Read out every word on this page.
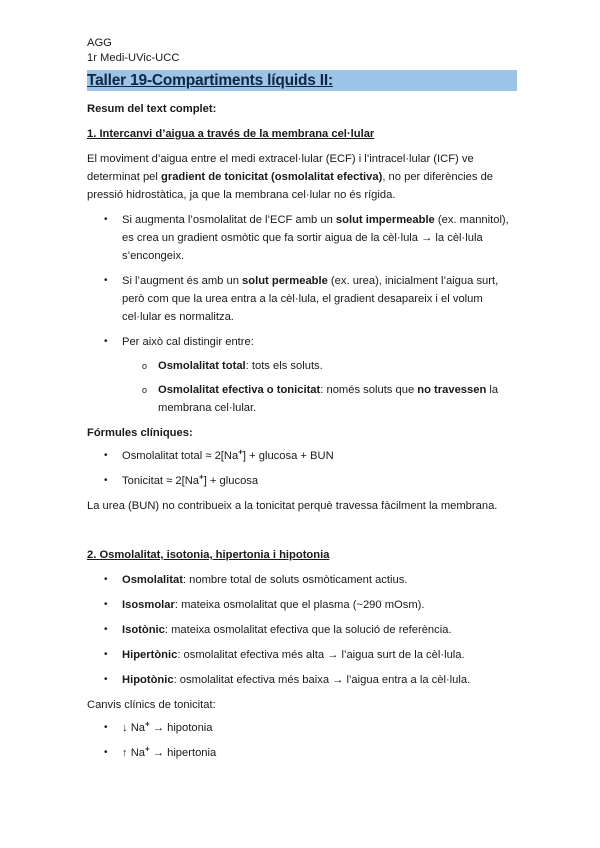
AGG
1r Medi-UVic-UCC
Taller 19-Compartiments líquids II:

Resum del text complet:

1. Intercanvi d’aigua a través de la membrana cel·lular

El moviment d’aigua entre el medi extracel·lular (ECF) i l’intracel·lular (ICF) ve determinat pel gradient de tonicitat (osmolalitat efectiva), no per diferències de pressió hidrostàtica, ja que la membrana cel·lular no és rígida.

• Si augmenta l’osmolalitat de l’ECF amb un solut impermeable (ex. mannitol), es crea un gradient osmòtic que fa sortir aigua de la cèl·lula → la cèl·lula s’encongeix.
• Si l’augment és amb un solut permeable (ex. urea), inicialment l’aigua surt, però com que la urea entra a la cèl·lula, el gradient desapareix i el volum cel·lular es normalitza.
• Per això cal distingir entre:
o Osmolalitat total: tots els soluts.
o Osmolalitat efectiva o tonicitat: només soluts que no travessen la membrana cel·lular.

Fórmules clíniques:

• Osmolalitat total ≈ 2[Na+] + glucosa + BUN
• Tonicitat ≈ 2[Na+] + glucosa

La urea (BUN) no contribueix a la tonicitat perquè travessa fàcilment la membrana.

2. Osmolalitat, isotonia, hipertonia i hipotonia

• Osmolalitat: nombre total de soluts osmòticament actius.
• Isosmolar: mateixa osmolalitat que el plasma (~290 mOsm).
• Isotònic: mateixa osmolalitat efectiva que la solució de referència.
• Hipertònic: osmolalitat efectiva més alta → l’aigua surt de la cèl·lula.
• Hipotònic: osmolalitat efectiva més baixa → l’aigua entra a la cèl·lula.

Canvis clínics de tonicitat:

• ↓ Na+ → hipotonia
• ↑ Na+ → hipertonia
